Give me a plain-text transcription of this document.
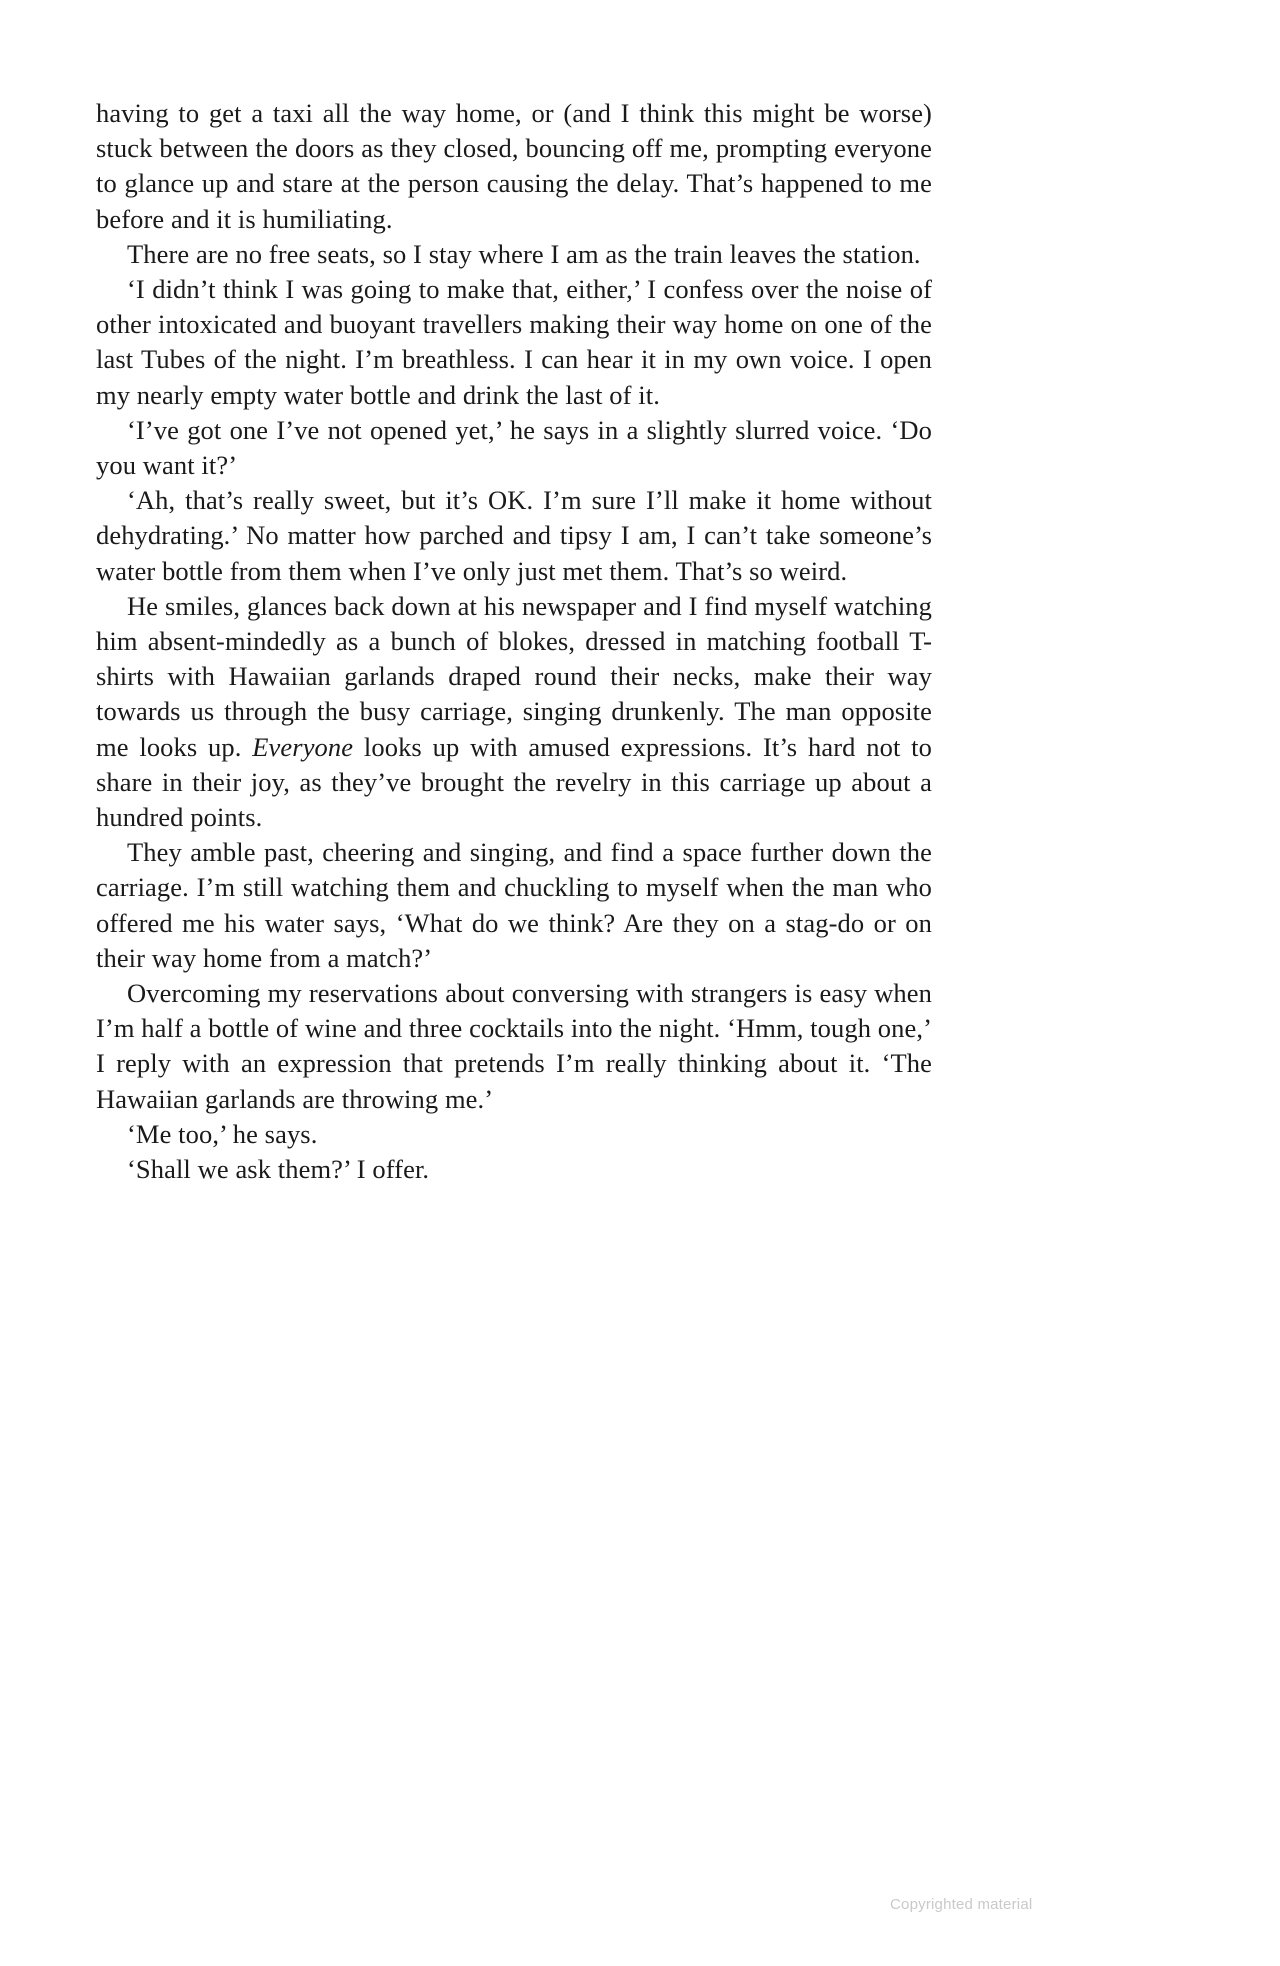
having to get a taxi all the way home, or (and I think this might be worse) stuck between the doors as they closed, bouncing off me, prompting everyone to glance up and stare at the person causing the delay. That’s happened to me before and it is humiliating.

There are no free seats, so I stay where I am as the train leaves the station.

‘I didn’t think I was going to make that, either,’ I confess over the noise of other intoxicated and buoyant travellers making their way home on one of the last Tubes of the night. I’m breathless. I can hear it in my own voice. I open my nearly empty water bottle and drink the last of it.

‘I’ve got one I’ve not opened yet,’ he says in a slightly slurred voice. ‘Do you want it?’

‘Ah, that’s really sweet, but it’s OK. I’m sure I’ll make it home without dehydrating.’ No matter how parched and tipsy I am, I can’t take someone’s water bottle from them when I’ve only just met them. That’s so weird.

He smiles, glances back down at his newspaper and I find myself watching him absent-mindedly as a bunch of blokes, dressed in matching football T-shirts with Hawaiian garlands draped round their necks, make their way towards us through the busy carriage, singing drunkenly. The man opposite me looks up. Everyone looks up with amused expressions. It’s hard not to share in their joy, as they’ve brought the revelry in this carriage up about a hundred points.

They amble past, cheering and singing, and find a space further down the carriage. I’m still watching them and chuckling to myself when the man who offered me his water says, ‘What do we think? Are they on a stag-do or on their way home from a match?’

Overcoming my reservations about conversing with strangers is easy when I’m half a bottle of wine and three cocktails into the night. ‘Hmm, tough one,’ I reply with an expression that pretends I’m really thinking about it. ‘The Hawaiian garlands are throwing me.’

‘Me too,’ he says.

‘Shall we ask them?’ I offer.

Copyrighted material
